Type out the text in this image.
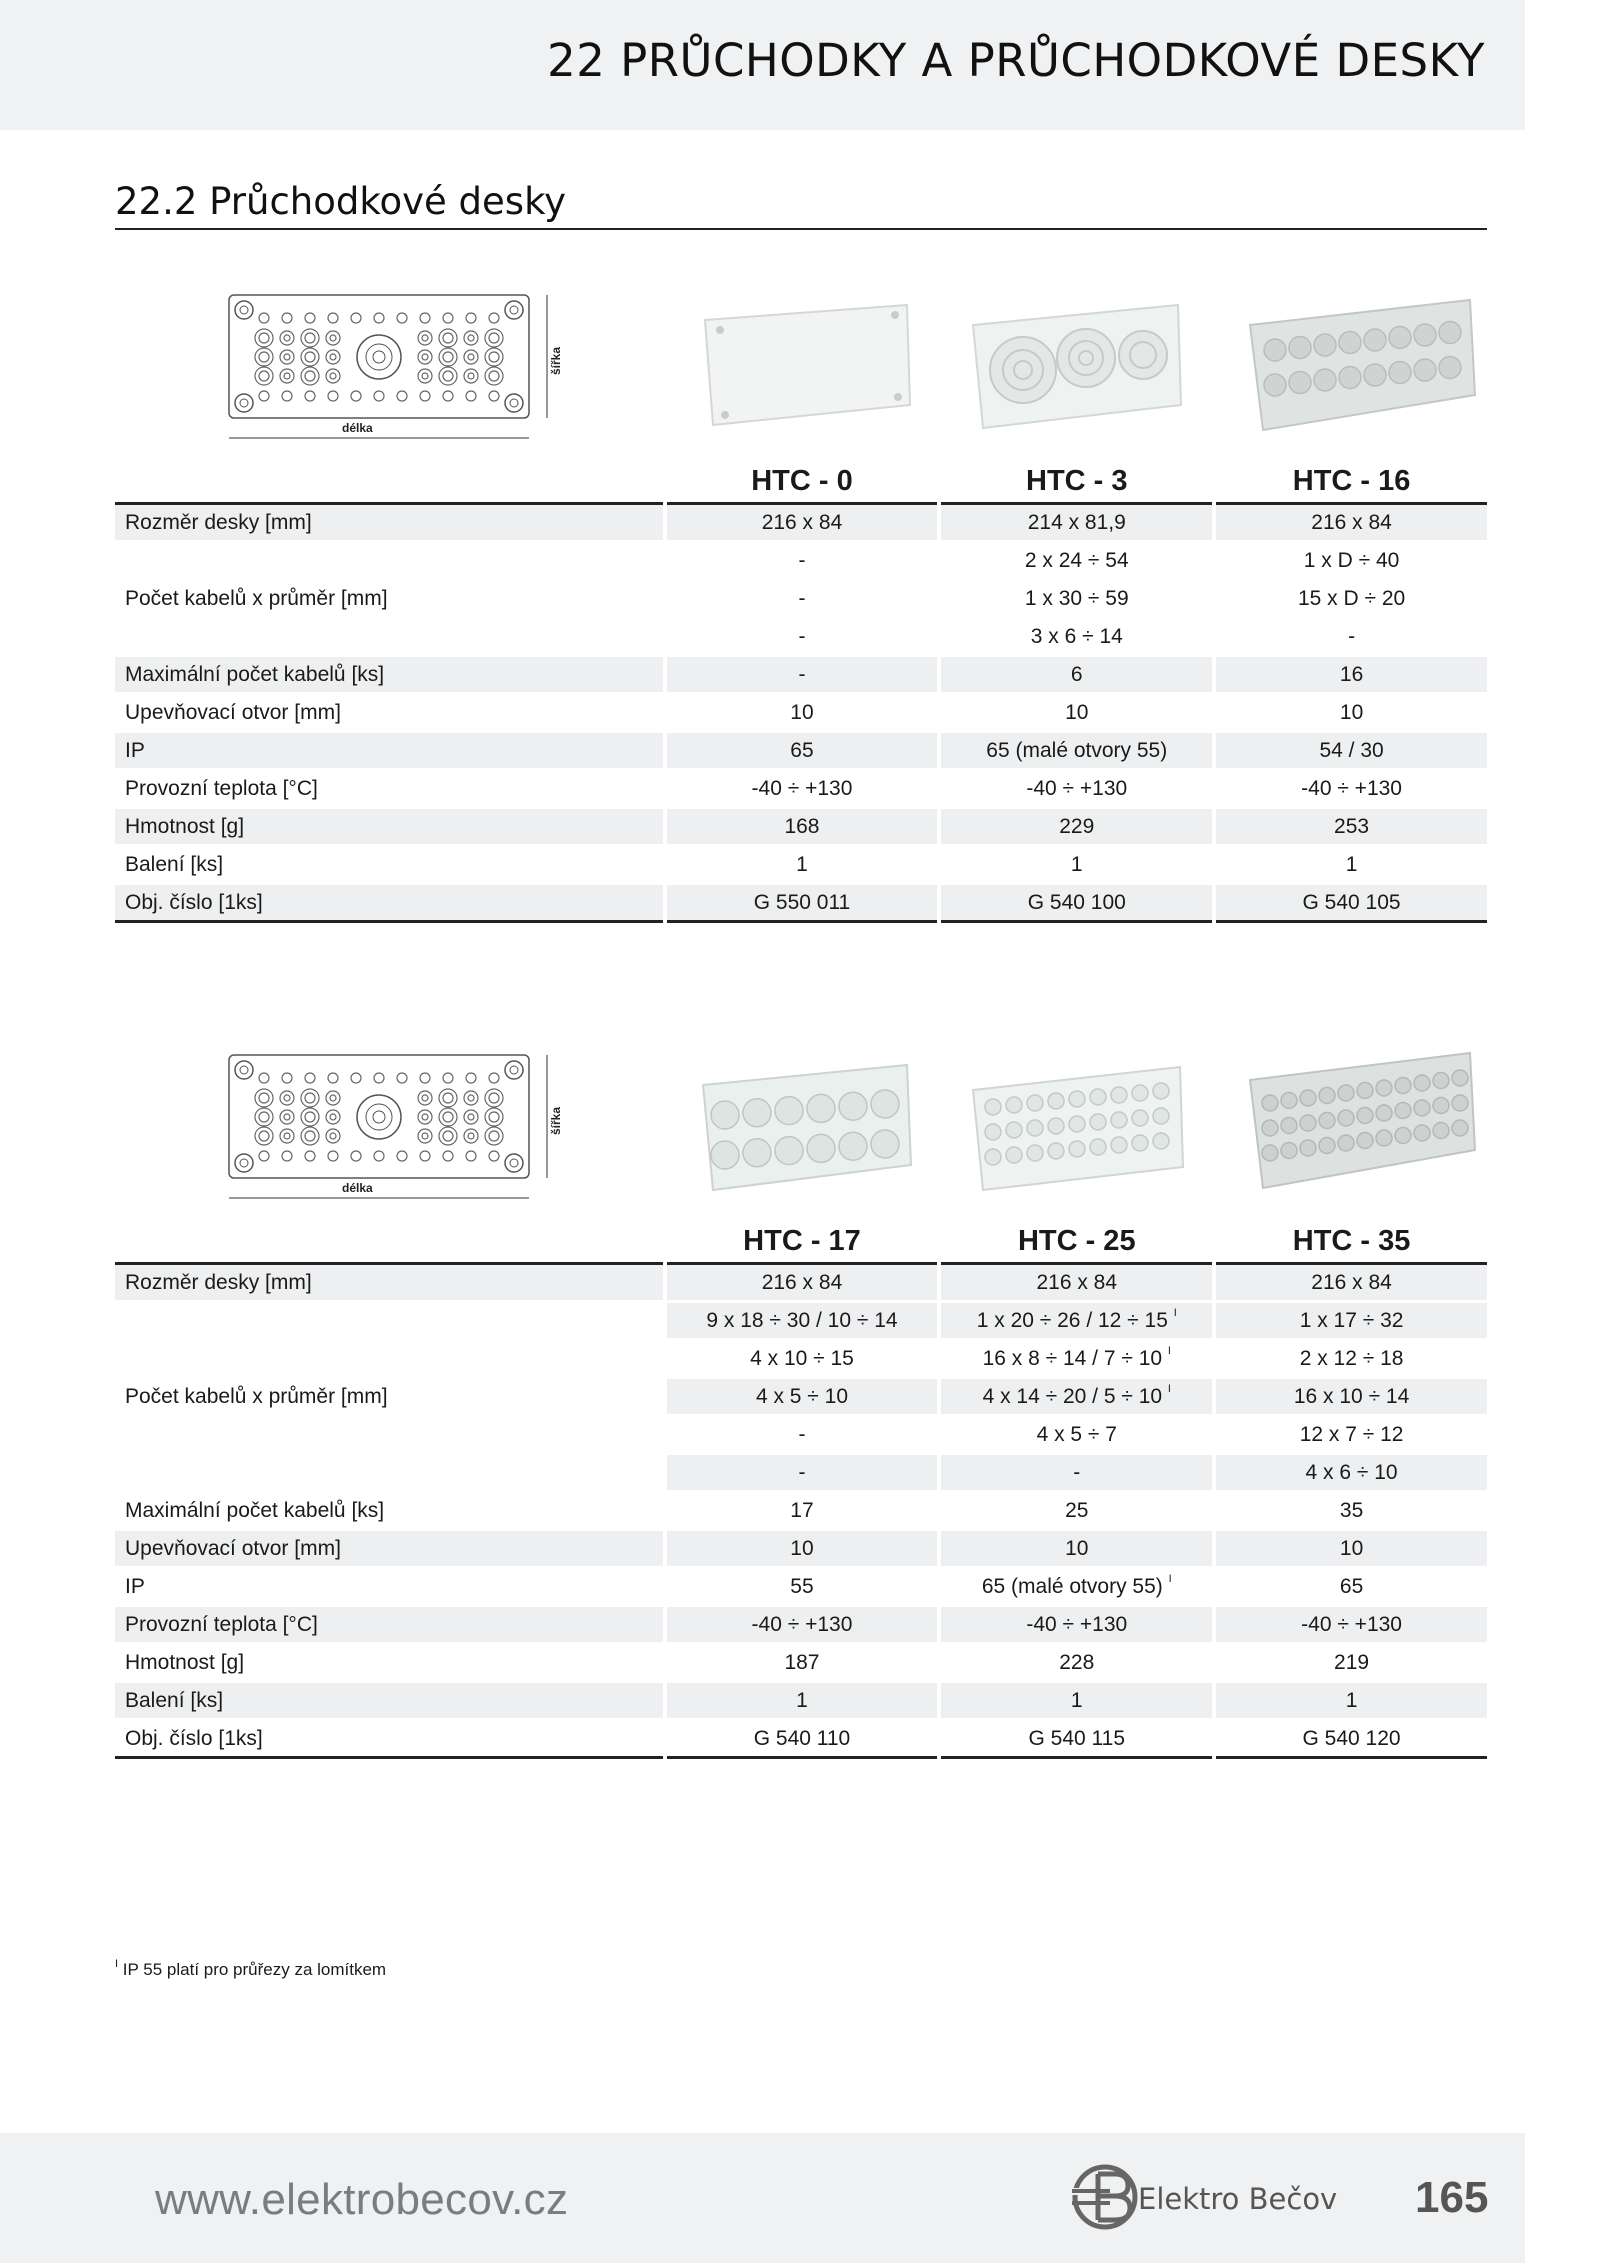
22 PRŮCHODKY A PRŮCHODKOVÉ DESKY
22.2 Průchodkové desky
délka
šířka
		HTC - 0		HTC - 3		HTC - 16
Rozměr desky [mm]		216 x 84		214 x 81,9		216 x 84
Počet kabelů x průměr [mm]		-		2 x 24 ÷ 54		1 x D ÷ 40
		-		1 x 30 ÷ 59		15 x D ÷ 20
		-		3 x 6 ÷ 14		-
Maximální počet kabelů [ks]		-		6		16
Upevňovací otvor [mm]		10		10		10
IP		65		65 (malé otvory 55)		54 / 30
Provozní teplota [°C]		-40 ÷ +130		-40 ÷ +130		-40 ÷ +130
Hmotnost [g]		168		229		253
Balení [ks]		1		1		1
Obj. číslo [1ks]		G 550 011		G 540 100		G 540 105
délka
šířka
		HTC - 17		HTC - 25		HTC - 35
Rozměr desky [mm]		216 x 84		216 x 84		216 x 84
Počet kabelů x průměr [mm]		9 x 18 ÷ 30 / 10 ÷ 14		1 x 20 ÷ 26 / 12 ÷ 15 $^I$		1 x 17 ÷ 32
		4 x 10 ÷ 15		16 x 8 ÷ 14 / 7 ÷ 10 $^I$		2 x 12 ÷ 18
		4 x 5 ÷ 10		4 x 14 ÷ 20 / 5 ÷ 10 $^I$		16 x 10 ÷ 14
		-		4 x 5 ÷ 7		12 x 7 ÷ 12
		-		-		4 x 6 ÷ 10
Maximální počet kabelů [ks]		17		25		35
Upevňovací otvor [mm]		10		10		10
IP		55		65 (malé otvory 55) $^I$		65
Provozní teplota [°C]		-40 ÷ +130		-40 ÷ +130		-40 ÷ +130
Hmotnost [g]		187		228		219
Balení [ks]		1		1		1
Obj. číslo [1ks]		G 540 110		G 540 115		G 540 120
$^I$ IP 55 platí pro průřezy za lomítkem
www.elektrobecov.cz	Elektro Bečov 165
